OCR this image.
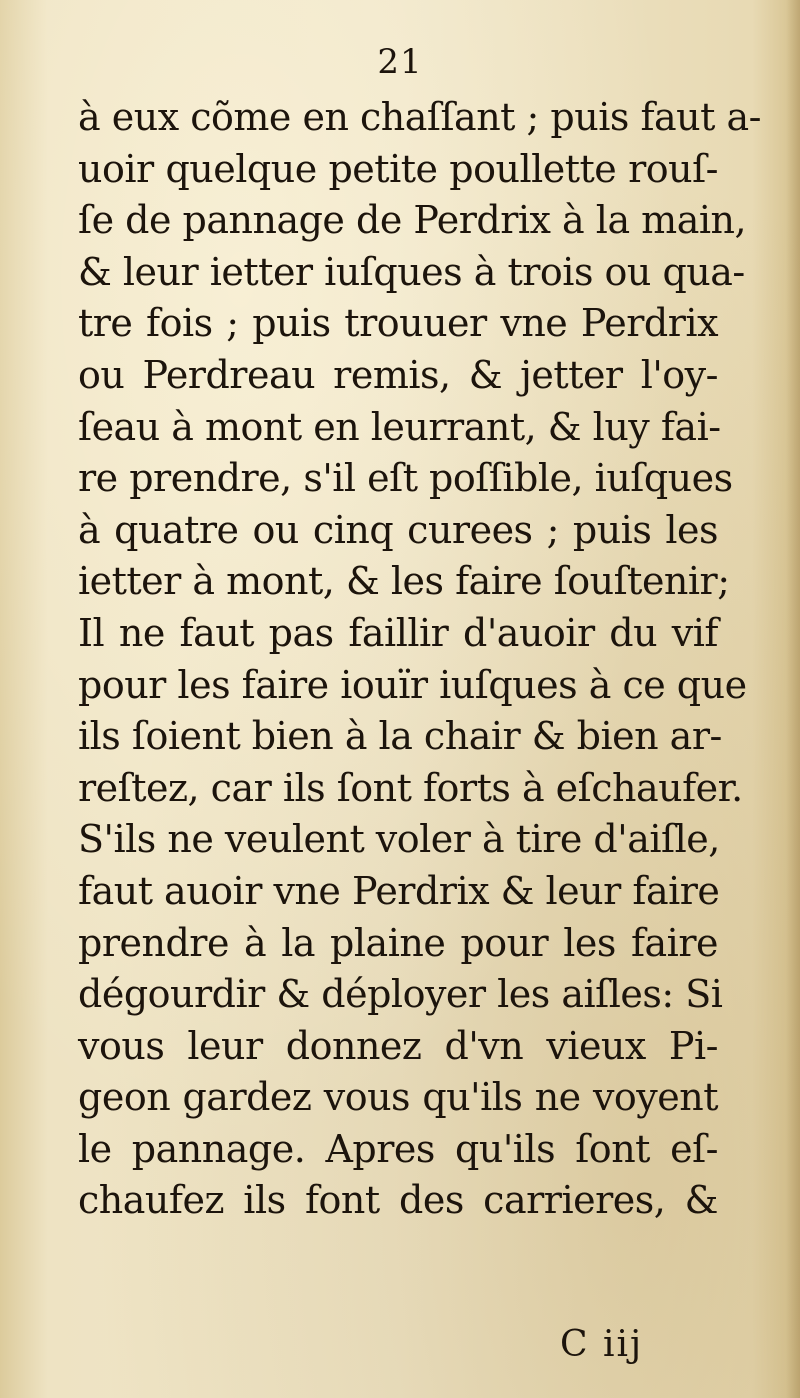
21
à eux cõme en chaſſant ; puis faut a-
uoir quelque petite poullette rouſ-
ſe de pannage de Perdrix à la main,
& leur ietter iuſques à trois ou qua-
tre fois ; puis trouuer vne Perdrix
ou Perdreau remis, & jetter l'oy-
ſeau à mont en leurrant, & luy fai-
re prendre, s'il eſt poſſible, iuſques
à quatre ou cinq curees ; puis les
ietter à mont, & les faire ſouſtenir;
Il ne faut pas faillir d'auoir du vif
pour les faire iouïr iuſques à ce que
ils ſoient bien à la chair & bien ar-
reſtez, car ils ſont forts à eſchaufer.
S'ils ne veulent voler à tire d'aiſle,
faut auoir vne Perdrix & leur faire
prendre à la plaine pour les faire
dégourdir & déployer les aiſles: Si
vous leur donnez d'vn vieux Pi-
geon gardez vous qu'ils ne voyent
le pannage. Apres qu'ils ſont eſ-
chaufez ils font des carrieres, &
C iij
